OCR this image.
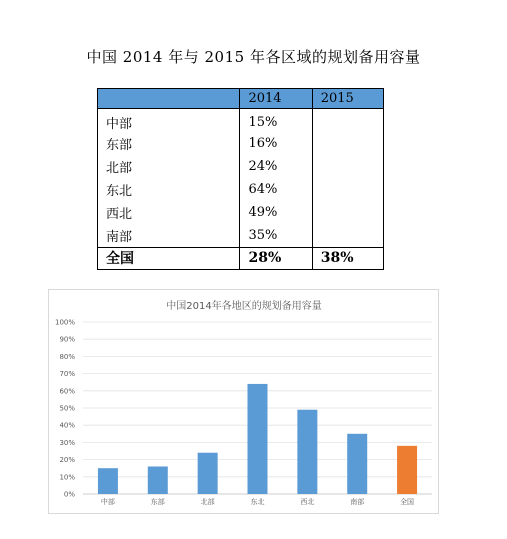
中国 2014 年与 2015 年各区域的规划备用容量
	2014	2015
中部	15%	
东部	16%	
北部	24%	
东北	64%	
西北	49%	
南部	35%	
全国	28%	38%
中国2014年各地区的规划备用容量
0%
10%
20%
30%
40%
50%
60%
70%
80%
90%
100%
中部	东部	北部	东北	西北	南部	全国
